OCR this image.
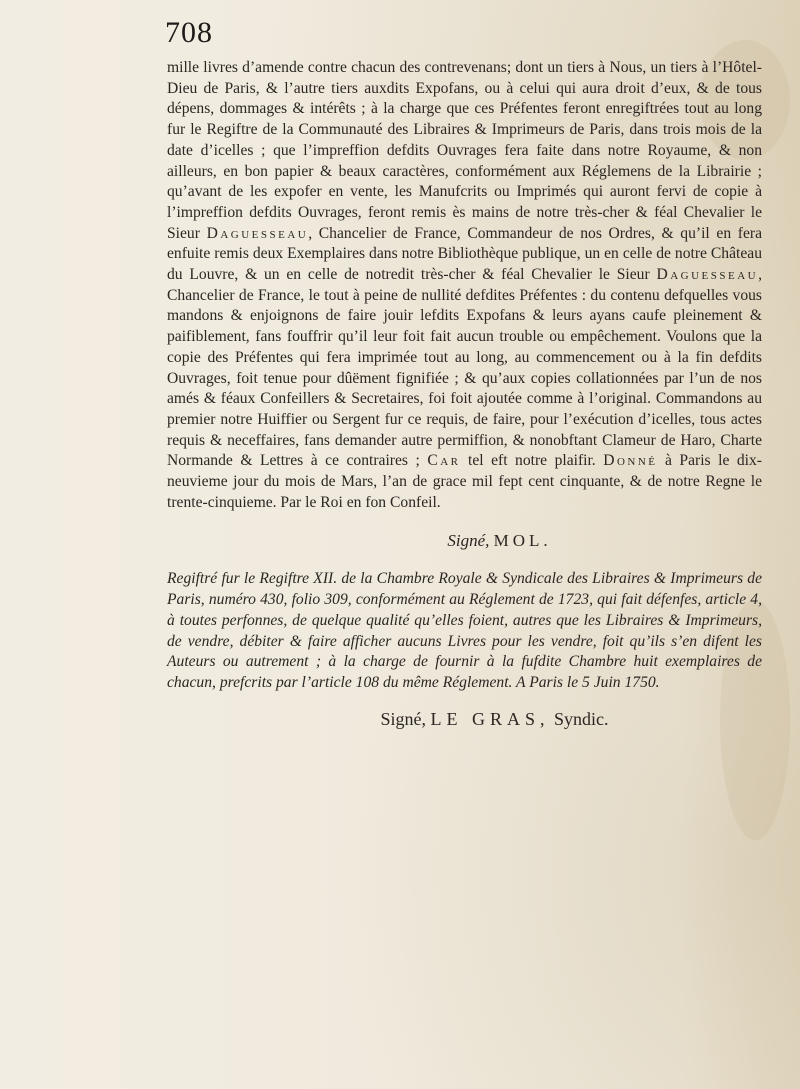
708

mille livres d’amende contre chacun des contrevenans; dont un tiers à Nous, un tiers à l’Hôtel-Dieu de Paris, & l’autre tiers auxdits Expofans, ou à celui qui aura droit d’eux, & de tous dépens, dommages & intérêts ; à la charge que ces Préfentes feront enregiftrées tout au long fur le Regiftre de la Communauté des Libraires & Imprimeurs de Paris, dans trois mois de la date d’icelles ; que l’impreffion defdits Ouvrages fera faite dans notre Royaume, & non ailleurs, en bon papier & beaux caractères, conformément aux Réglemens de la Librairie ; qu’avant de les expofer en vente, les Manufcrits ou Imprimés qui auront fervi de copie à l’impreffion defdits Ouvrages, feront remis ès mains de notre très-cher & féal Chevalier le Sieur Daguesseau, Chancelier de France, Commandeur de nos Ordres, & qu’il en fera enfuite remis deux Exemplaires dans notre Bibliothèque publique, un en celle de notre Château du Louvre, & un en celle de notredit très-cher & féal Chevalier le Sieur Daguesseau, Chancelier de France, le tout à peine de nullité defdites Préfentes : du contenu defquelles vous mandons & enjoignons de faire jouir lefdits Expofans & leurs ayans caufe pleinement & paifiblement, fans fouffrir qu’il leur foit fait aucun trouble ou empêchement. Voulons que la copie des Préfentes qui fera imprimée tout au long, au commencement ou à la fin defdits Ouvrages, foit tenue pour dûëment fignifiée ; & qu’aux copies collationnées par l’un de nos amés & féaux Confeillers & Secretaires, foi foit ajoutée comme à l’original. Commandons au premier notre Huiffier ou Sergent fur ce requis, de faire, pour l’exécution d’icelles, tous actes requis & neceffaires, fans demander autre permiffion, & nonobftant Clameur de Haro, Charte Normande & Lettres à ce contraires ; Car tel eft notre plaifir. Donné à Paris le dix-neuvieme jour du mois de Mars, l’an de grace mil fept cent cinquante, & de notre Regne le trente-cinquieme. Par le Roi en fon Confeil.

Signé, MOL.

Regiftré fur le Regiftre XII. de la Chambre Royale & Syndicale des Libraires & Imprimeurs de Paris, numéro 430, folio 309, conformément au Réglement de 1723, qui fait défenfes, article 4, à toutes perfonnes, de quelque qualité qu’elles foient, autres que les Libraires & Imprimeurs, de vendre, débiter & faire afficher aucuns Livres pour les vendre, foit qu’ils s’en difent les Auteurs ou autrement ; à la charge de fournir à la fufdite Chambre huit exemplaires de chacun, prefcrits par l’article 108 du même Réglement. A Paris le 5 Juin 1750.

Signé, LE GRAS, Syndic.
